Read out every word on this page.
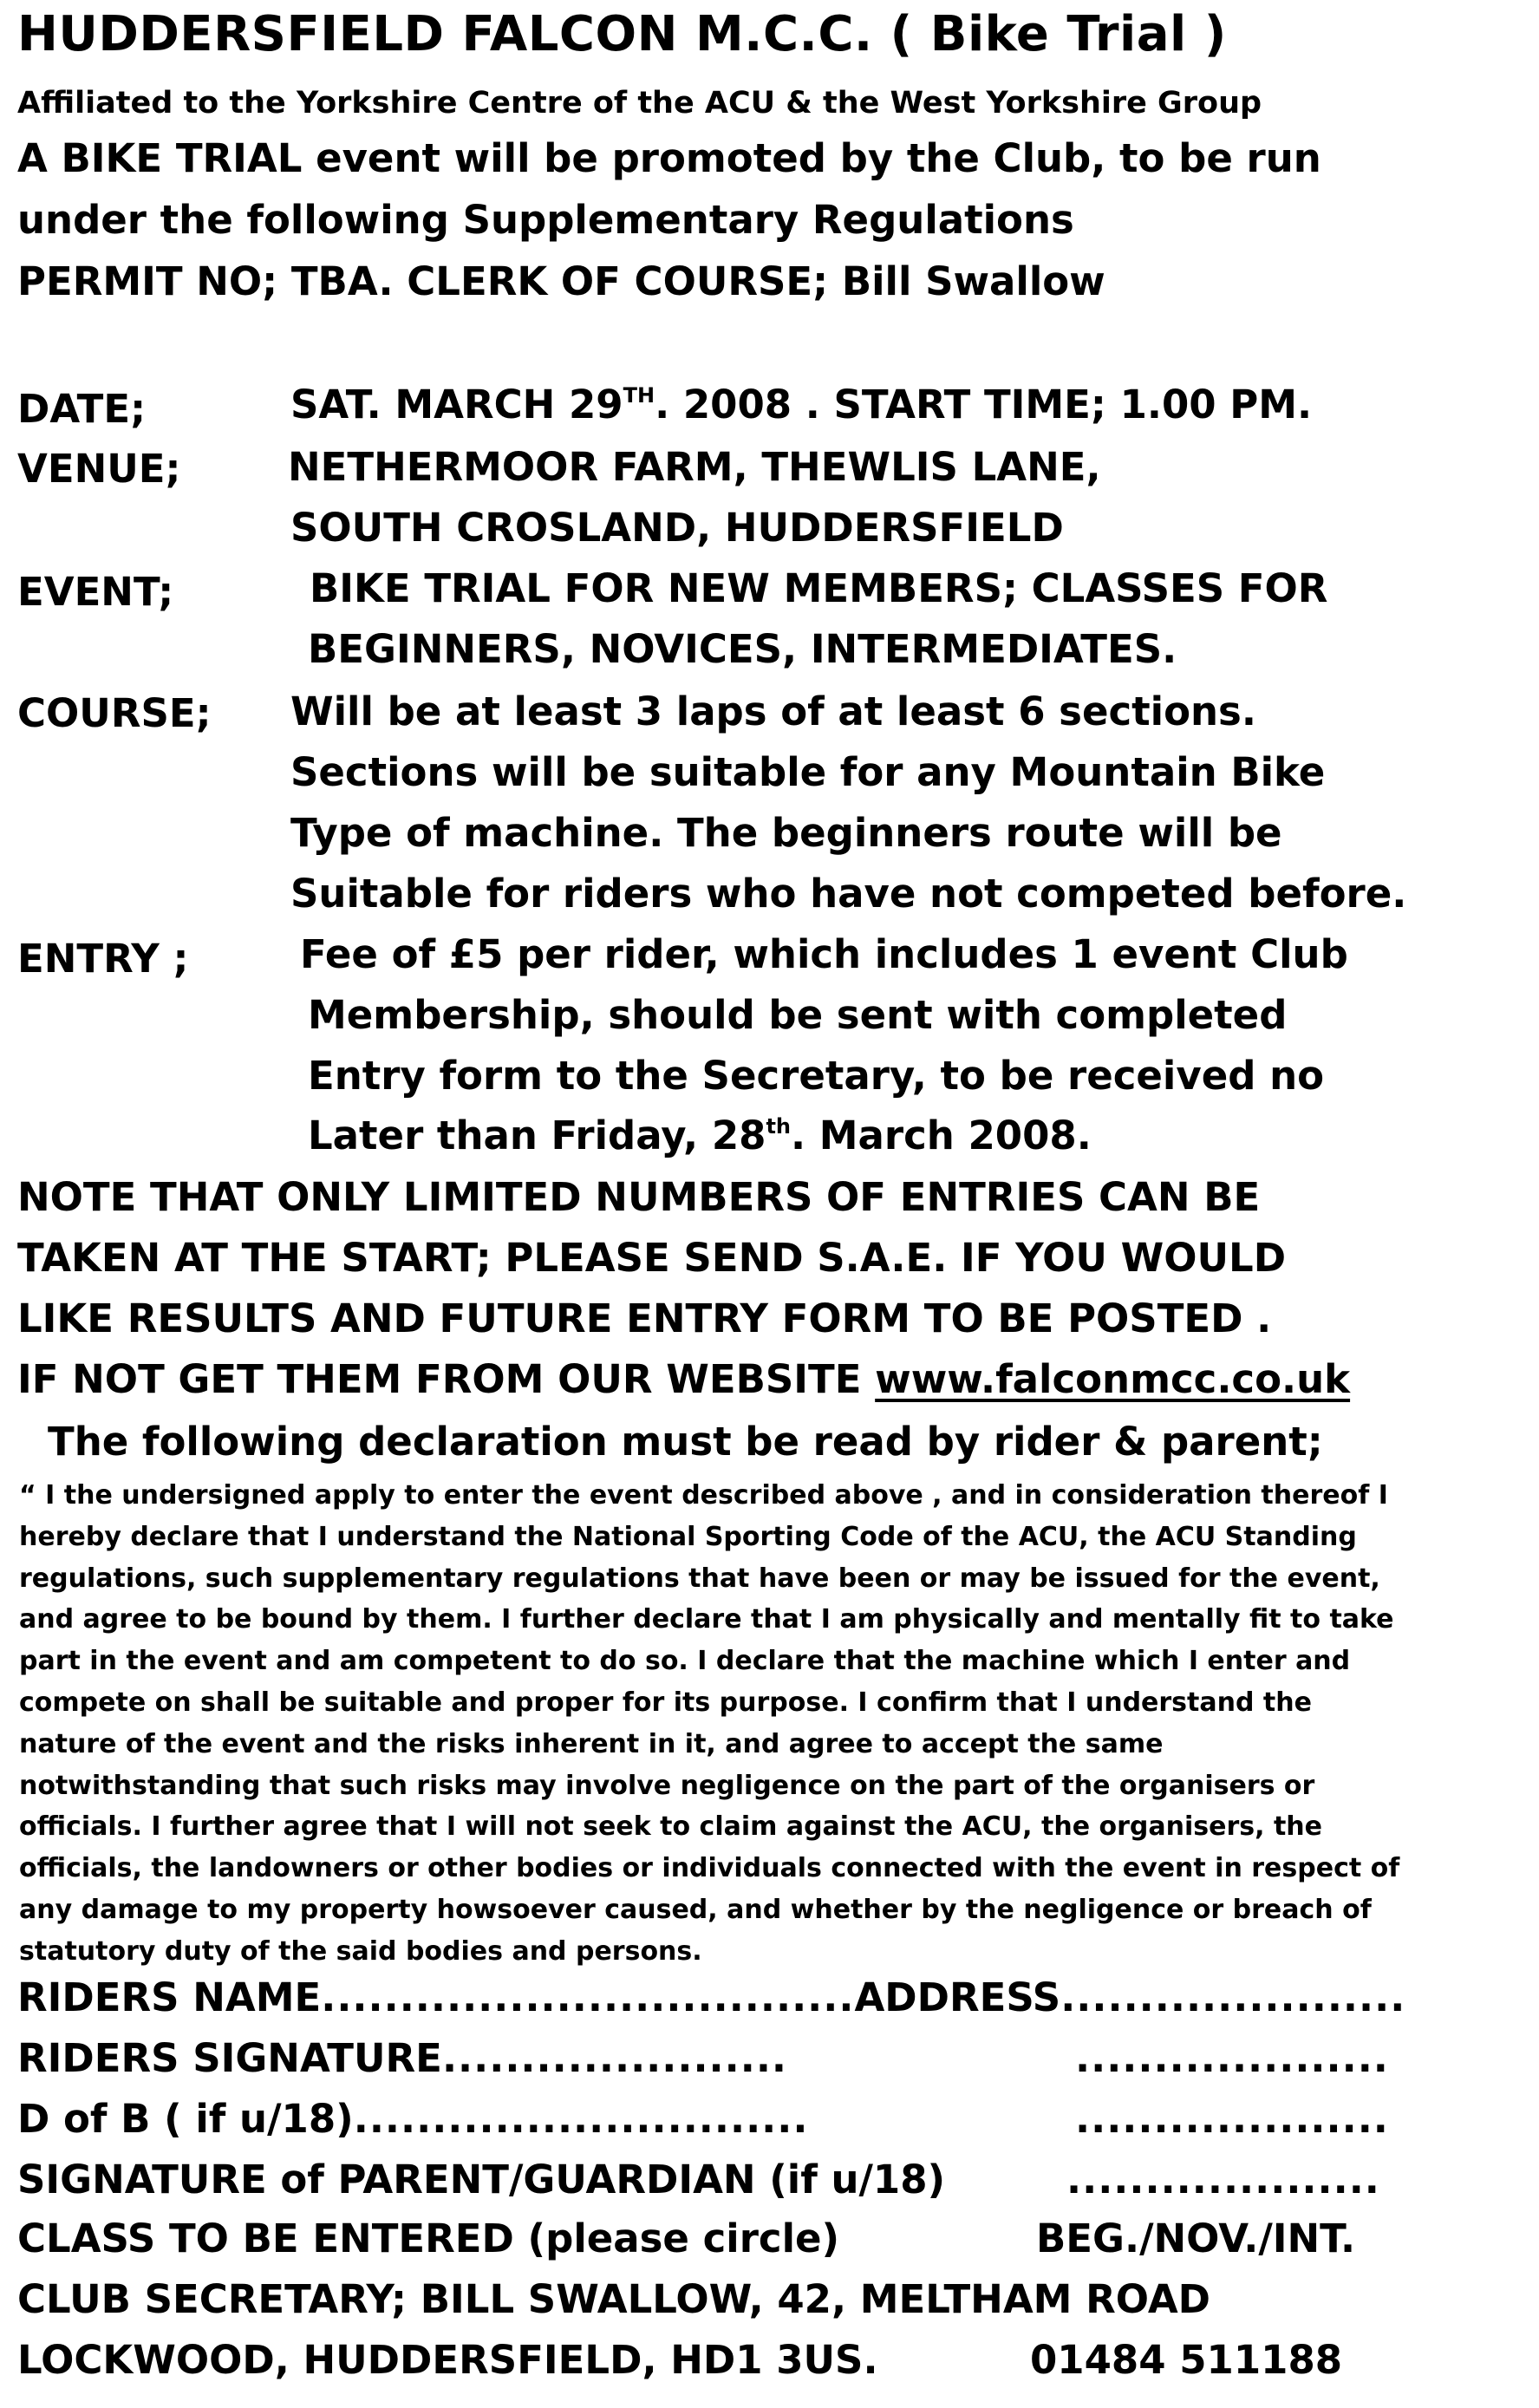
HUDDERSFIELD FALCON M.C.C. ( Bike Trial )
Affiliated to the Yorkshire Centre of the ACU & the West Yorkshire Group
A BIKE TRIAL event will be promoted by the Club, to be run
under the following Supplementary Regulations
PERMIT NO; TBA. CLERK OF COURSE; Bill Swallow
DATE;	SAT. MARCH 29TH. 2008 . START TIME; 1.00 PM.
VENUE;	NETHERMOOR FARM, THEWLIS LANE,
SOUTH CROSLAND, HUDDERSFIELD
EVENT;	BIKE TRIAL FOR NEW MEMBERS; CLASSES FOR
BEGINNERS, NOVICES, INTERMEDIATES.
COURSE; Will be at least 3 laps of at least 6 sections.
Sections will be suitable for any Mountain Bike
Type of machine. The beginners route will be
Suitable for riders who have not competed before.
ENTRY ;	Fee of £5 per rider, which includes 1 event Club
Membership, should be sent with completed
Entry form to the Secretary, to be received no
Later than Friday, 28th. March 2008.
NOTE THAT ONLY LIMITED NUMBERS OF ENTRIES CAN BE
TAKEN AT THE START; PLEASE SEND S.A.E. IF YOU WOULD
LIKE RESULTS AND FUTURE ENTRY FORM TO BE POSTED .
IF NOT GET THEM FROM OUR WEBSITE www.falconmcc.co.uk
The following declaration must be read by rider & parent;
“ I the undersigned apply to enter the event described above , and in consideration thereof I
hereby declare that I understand the National Sporting Code of the ACU, the ACU Standing
regulations, such supplementary regulations that have been or may be issued for the event,
and agree to be bound by them. I further declare that I am physically and mentally fit to take
part in the event and am competent to do so. I declare that the machine which I enter and
compete on shall be suitable and proper for its purpose. I confirm that I understand the
nature of the event and the risks inherent in it, and agree to accept the same
notwithstanding that such risks may involve negligence on the part of the organisers or
officials. I further agree that I will not seek to claim against the ACU, the organisers, the
officials, the landowners or other bodies or individuals connected with the event in respect of
any damage to my property howsoever caused, and whether by the negligence or breach of
statutory duty of the said bodies and persons.
RIDERS NAME..................................ADDRESS......................
RIDERS SIGNATURE......................	....................
D of B ( if u/18).............................	....................
SIGNATURE of PARENT/GUARDIAN (if u/18)	....................
CLASS TO BE ENTERED (please circle)	BEG./NOV./INT.
CLUB SECRETARY; BILL SWALLOW, 42, MELTHAM ROAD
LOCKWOOD, HUDDERSFIELD, HD1 3US.	01484 511188
